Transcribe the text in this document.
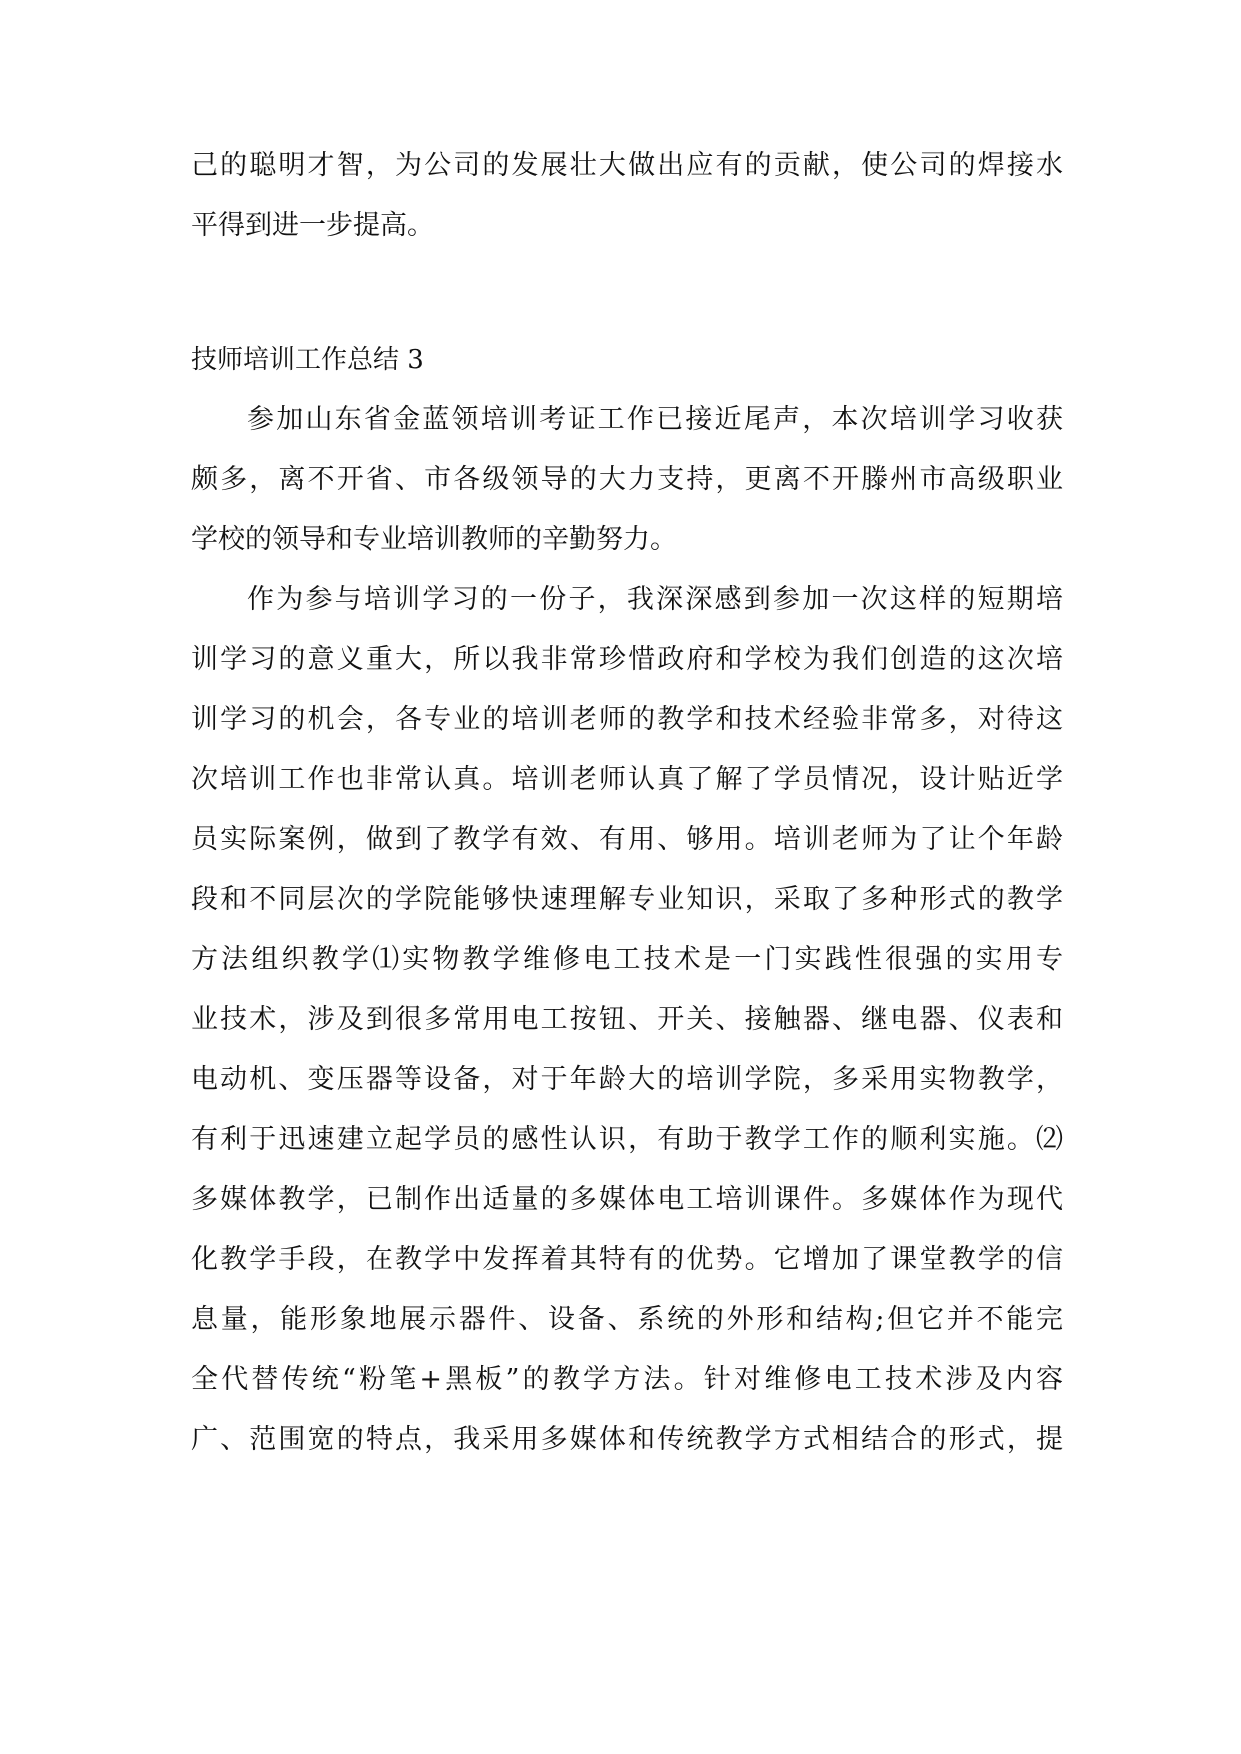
己的聪明才智，为公司的发展壮大做出应有的贡献，使公司的焊接水
平得到进一步提高。
技师培训工作总结 3
参加山东省金蓝领培训考证工作已接近尾声，本次培训学习收获
颇多，离不开省、市各级领导的大力支持，更离不开滕州市高级职业
学校的领导和专业培训教师的辛勤努力。
作为参与培训学习的一份子，我深深感到参加一次这样的短期培
训学习的意义重大，所以我非常珍惜政府和学校为我们创造的这次培
训学习的机会，各专业的培训老师的教学和技术经验非常多，对待这
次培训工作也非常认真。培训老师认真了解了学员情况，设计贴近学
员实际案例，做到了教学有效、有用、够用。培训老师为了让个年龄
段和不同层次的学院能够快速理解专业知识，采取了多种形式的教学
方法组织教学⑴实物教学维修电工技术是一门实践性很强的实用专
业技术，涉及到很多常用电工按钮、开关、接触器、继电器、仪表和
电动机、变压器等设备，对于年龄大的培训学院，多采用实物教学，
有利于迅速建立起学员的感性认识，有助于教学工作的顺利实施。⑵
多媒体教学，已制作出适量的多媒体电工培训课件。多媒体作为现代
化教学手段，在教学中发挥着其特有的优势。它增加了课堂教学的信
息量，能形象地展示器件、设备、系统的外形和结构;但它并不能完
全代替传统“粉笔+黑板”的教学方法。针对维修电工技术涉及内容
广、范围宽的特点，我采用多媒体和传统教学方式相结合的形式，提
